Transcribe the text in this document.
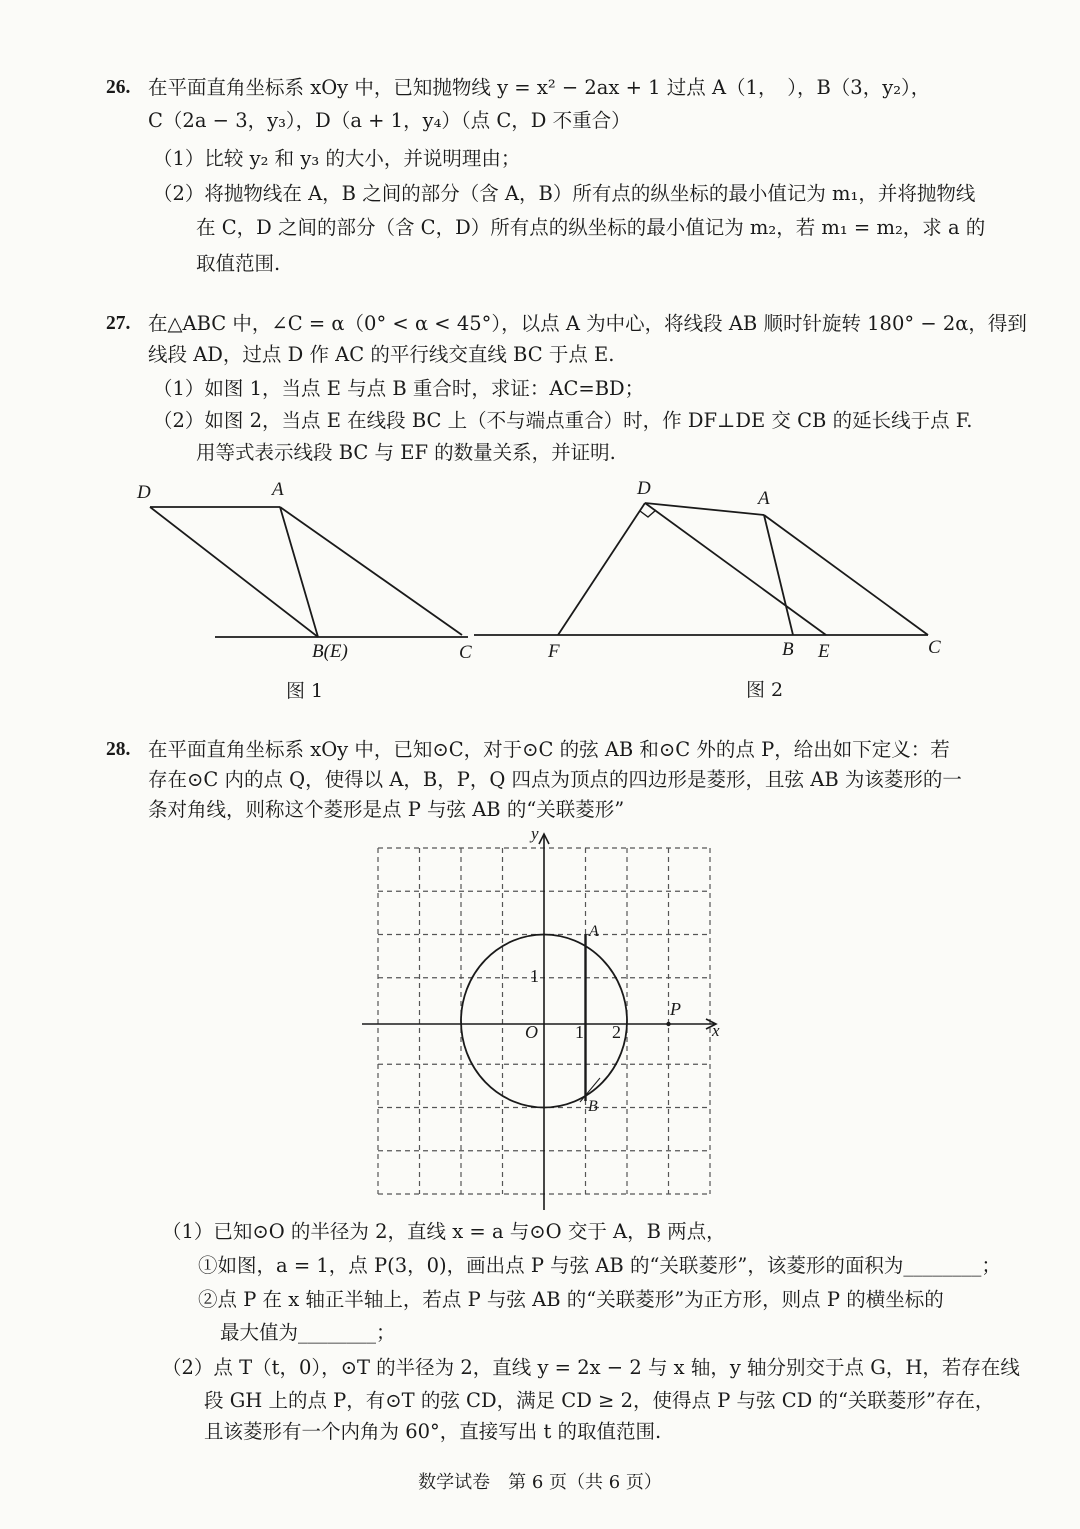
26. 在平面直角坐标系 xOy 中，已知抛物线 y = x² − 2ax + 1 过点 A（1，　），B（3，y₂），
C（2a − 3，y₃），D（a + 1，y₄）（点 C，D 不重合）
（1）比较 y₂ 和 y₃ 的大小，并说明理由；
（2）将抛物线在 A，B 之间的部分（含 A，B）所有点的纵坐标的最小值记为 m₁，并将抛物线
在 C，D 之间的部分（含 C，D）所有点的纵坐标的最小值记为 m₂，若 m₁ = m₂，求 a 的
取值范围.
27. 在△ABC 中，∠C = α（0° < α < 45°），以点 A 为中心，将线段 AB 顺时针旋转 180° − 2α，得到
线段 AD，过点 D 作 AC 的平行线交直线 BC 于点 E.
（1）如图 1，当点 E 与点 B 重合时，求证：AC=BD；
（2）如图 2，当点 E 在线段 BC 上（不与端点重合）时，作 DF⊥DE 交 CB 的延长线于点 F.
用等式表示线段 BC 与 EF 的数量关系，并证明.
D	A
B(E)	C
图 1
D	A
F	B E	C
图 2
28. 在平面直角坐标系 xOy 中，已知⊙C，对于⊙C 的弦 AB 和⊙C 外的点 P，给出如下定义：若
存在⊙C 内的点 Q，使得以 A，B，P，Q 四点为顶点的四边形是菱形，且弦 AB 为该菱形的一
条对角线，则称这个菱形是点 P 与弦 AB 的“关联菱形”
y
x
O 1 2
1
A
B
P
（1）已知⊙O 的半径为 2，直线 x = a 与⊙O 交于 A，B 两点，
①如图，a = 1，点 P(3，0)，画出点 P 与弦 AB 的“关联菱形”，该菱形的面积为________；
②点 P 在 x 轴正半轴上，若点 P 与弦 AB 的“关联菱形”为正方形，则点 P 的横坐标的
最大值为________；
（2）点 T（t，0），⊙T 的半径为 2，直线 y = 2x − 2 与 x 轴，y 轴分别交于点 G，H，若存在线
段 GH 上的点 P，有⊙T 的弦 CD，满足 CD ≥ 2，使得点 P 与弦 CD 的“关联菱形”存在，
且该菱形有一个内角为 60°，直接写出 t 的取值范围.
数学试卷　第 6 页（共 6 页）
